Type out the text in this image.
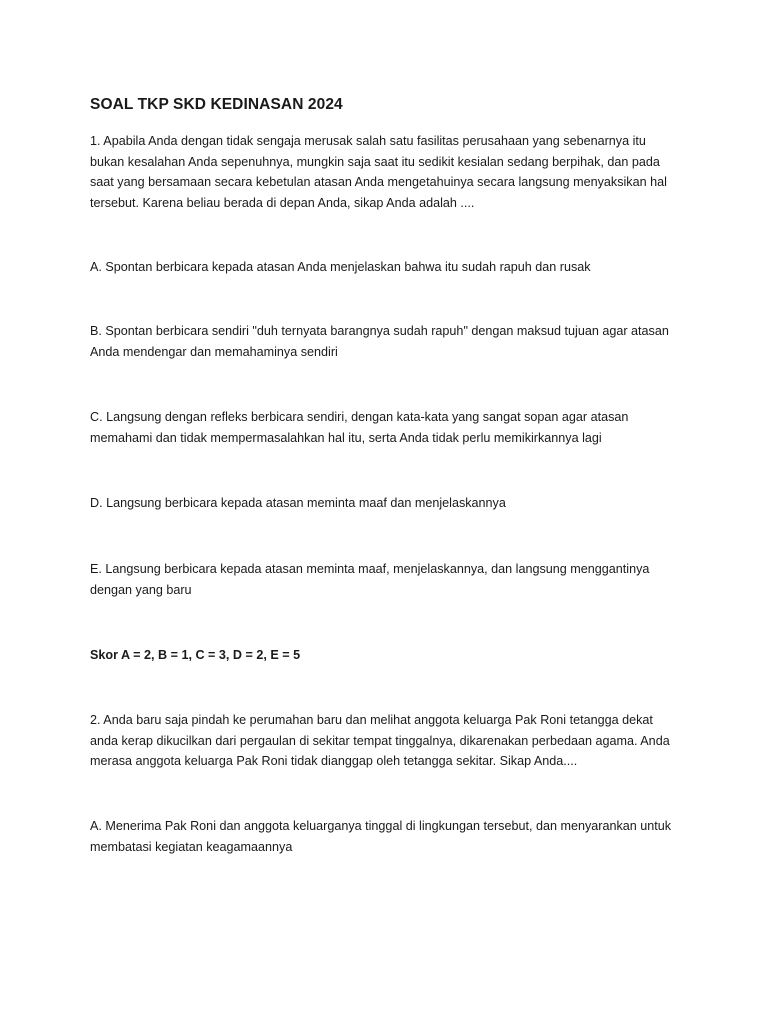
SOAL TKP SKD KEDINASAN 2024

1. Apabila Anda dengan tidak sengaja merusak salah satu fasilitas perusahaan yang sebenarnya itu
bukan kesalahan Anda sepenuhnya, mungkin saja saat itu sedikit kesialan sedang berpihak, dan pada
saat yang bersamaan secara kebetulan atasan Anda mengetahuinya secara langsung menyaksikan hal
tersebut. Karena beliau berada di depan Anda, sikap Anda adalah ....

A. Spontan berbicara kepada atasan Anda menjelaskan bahwa itu sudah rapuh dan rusak

B. Spontan berbicara sendiri "duh ternyata barangnya sudah rapuh" dengan maksud tujuan agar atasan
Anda mendengar dan memahaminya sendiri

C. Langsung dengan refleks berbicara sendiri, dengan kata-kata yang sangat sopan agar atasan
memahami dan tidak mempermasalahkan hal itu, serta Anda tidak perlu memikirkannya lagi

D. Langsung berbicara kepada atasan meminta maaf dan menjelaskannya

E. Langsung berbicara kepada atasan meminta maaf, menjelaskannya, dan langsung menggantinya
dengan yang baru

Skor A = 2, B = 1, C = 3, D = 2, E = 5

2. Anda baru saja pindah ke perumahan baru dan melihat anggota keluarga Pak Roni tetangga dekat
anda kerap dikucilkan dari pergaulan di sekitar tempat tinggalnya, dikarenakan perbedaan agama. Anda
merasa anggota keluarga Pak Roni tidak dianggap oleh tetangga sekitar. Sikap Anda....

A. Menerima Pak Roni dan anggota keluarganya tinggal di lingkungan tersebut, dan menyarankan untuk
membatasi kegiatan keagamaannya
